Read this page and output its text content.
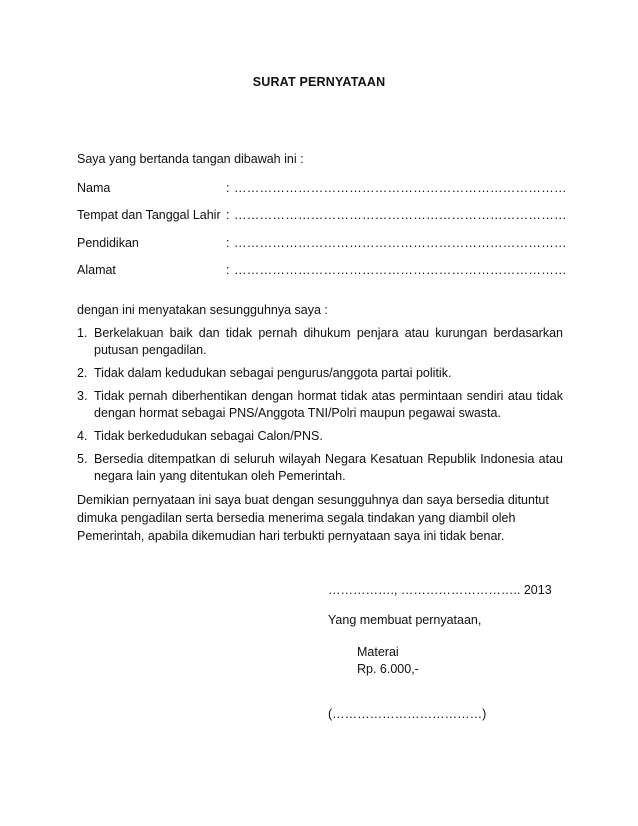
SURAT PERNYATAAN
Saya yang bertanda tangan dibawah ini :
Nama	: ……………………………………………………………………
Tempat dan Tanggal Lahir : ……………………………………………………………………
Pendidikan	: ……………………………………………………………………
Alamat	: ……………………………………………………………………
dengan ini menyatakan sesungguhnya saya :
1. Berkelakuan baik dan tidak pernah dihukum penjara atau kurungan berdasarkan putusan pengadilan.
2. Tidak dalam kedudukan sebagai pengurus/anggota partai politik.
3. Tidak pernah diberhentikan dengan hormat tidak atas permintaan sendiri atau tidak dengan hormat sebagai PNS/Anggota TNI/Polri maupun pegawai swasta.
4. Tidak berkedudukan sebagai Calon/PNS.
5. Bersedia ditempatkan di seluruh wilayah Negara Kesatuan Republik Indonesia atau negara lain yang ditentukan oleh Pemerintah.
Demikian pernyataan ini saya buat dengan sesungguhnya dan saya bersedia dituntut
dimuka pengadilan serta bersedia menerima segala tindakan yang diambil oleh
Pemerintah, apabila dikemudian hari terbukti pernyataan saya ini tidak benar.
……………., ……………………….. 2013
Yang membuat pernyataan,
Materai
Rp. 6.000,-
(………………………………)
